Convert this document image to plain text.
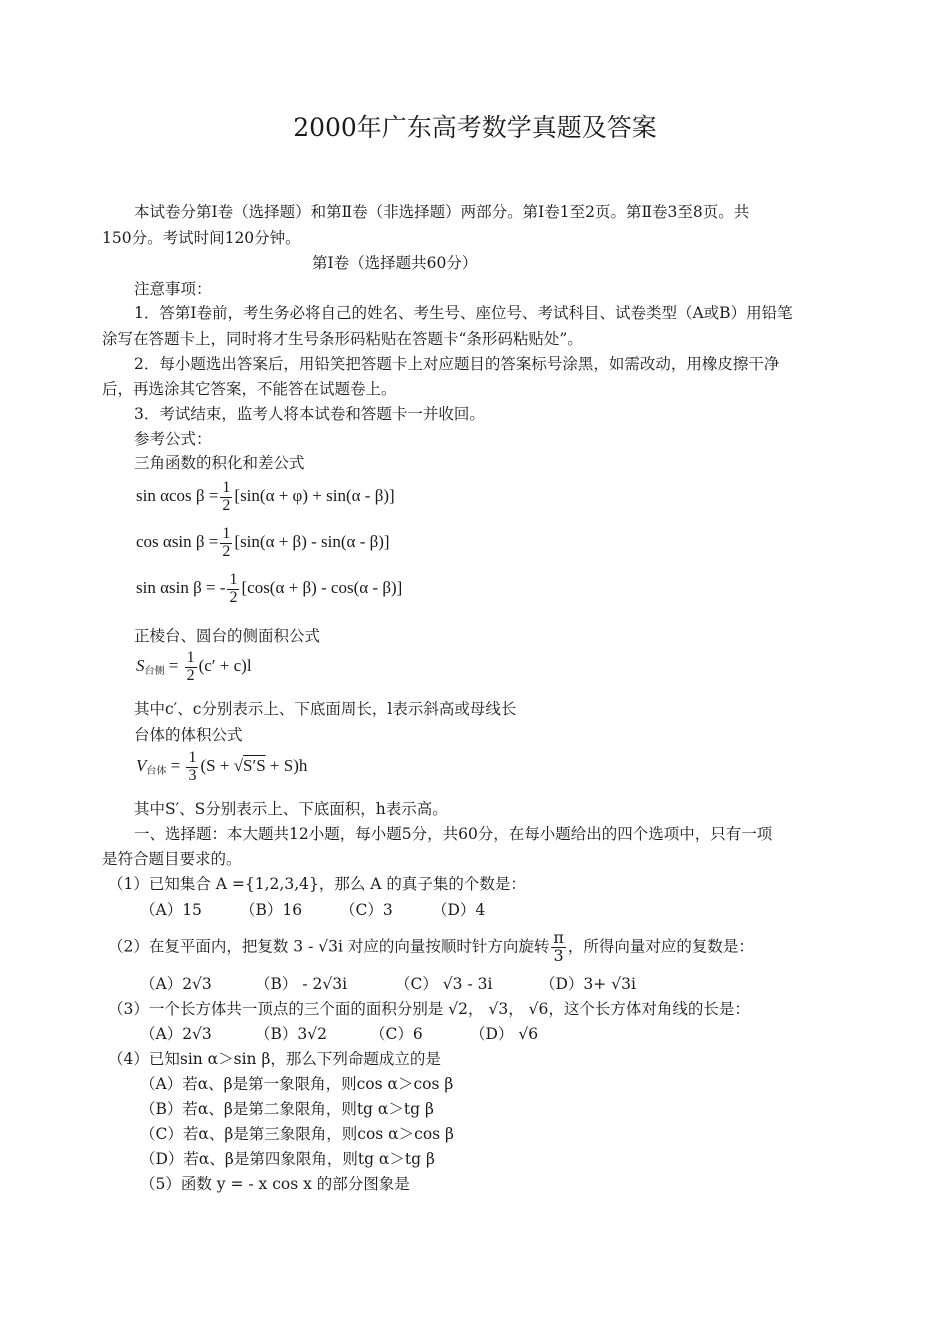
2000年广东高考数学真题及答案
本试卷分第Ⅰ卷（选择题）和第Ⅱ卷（非选择题）两部分。第Ⅰ卷1至2页。第Ⅱ卷3至8页。共
150分。考试时间120分钟。
第Ⅰ卷（选择题共60分）
注意事项：
1．答第Ⅰ卷前，考生务必将自己的姓名、考生号、座位号、考试科目、试卷类型（A或B）用铅笔
涂写在答题卡上，同时将才生号条形码粘贴在答题卡“条形码粘贴处”。
2．每小题选出答案后，用铅笑把答题卡上对应题目的答案标号涂黑，如需改动，用橡皮擦干净
后，再选涂其它答案，不能答在试题卷上。
3．考试结束，监考人将本试卷和答题卡一并收回。
参考公式：
三角函数的积化和差公式
sin αcos $\beta = \frac{1}{2} [\sin(\alpha + \varphi) + \sin(\alpha - \beta)]$
cos αsin $\beta = \frac{1}{2} [\sin(\alpha + \beta) - \sin(\alpha - \beta)]$
sin αsin β = - $\frac{1}{2} [\cos(\alpha + \beta) - \cos(\alpha - \beta)]$
正棱台、圆台的侧面积公式
$S_{台侧} = \frac{1}{2} (c' + c)l$
其中c′、c分别表示上、下底面周长，l表示斜高或母线长
台体的体积公式
$V_{台体} = \frac{1}{3} (S + √S'S + S)h$
其中S′、S分别表示上、下底面积，h表示高。
一、选择题：本大题共12小题，每小题5分，共60分，在每小题给出的四个选项中，只有一项
是符合题目要求的。
（1）已知集合 A ={1,2,3,4}，那么 A 的真子集的个数是：
（A）15 （B）16 （C）3	（D）4
（2）在复平面内，把复数 3 - √3i 对应的向量按顺时针方向旋转 $\frac{\pi}{3}$ ，所得向量对应的复数是：
（A）2√3	（B） - 2√3i	（C） √3 - 3i	（D）3+ √3i
（3）一个长方体共一顶点的三个面的面积分别是 √2， √3， √6，这个长方体对角线的长是：
（A）2√3	（B）3√2	（C）6	（D） √6
（4）已知sin α＞sin β，那么下列命题成立的是
（A）若α、β是第一象限角，则cos α＞cos β
（B）若α、β是第二象限角，则tg α＞tg β
（C）若α、β是第三象限角，则cos α＞cos β
（D）若α、β是第四象限角，则tg α＞tg β
（5）函数 y = - x cos x 的部分图象是
